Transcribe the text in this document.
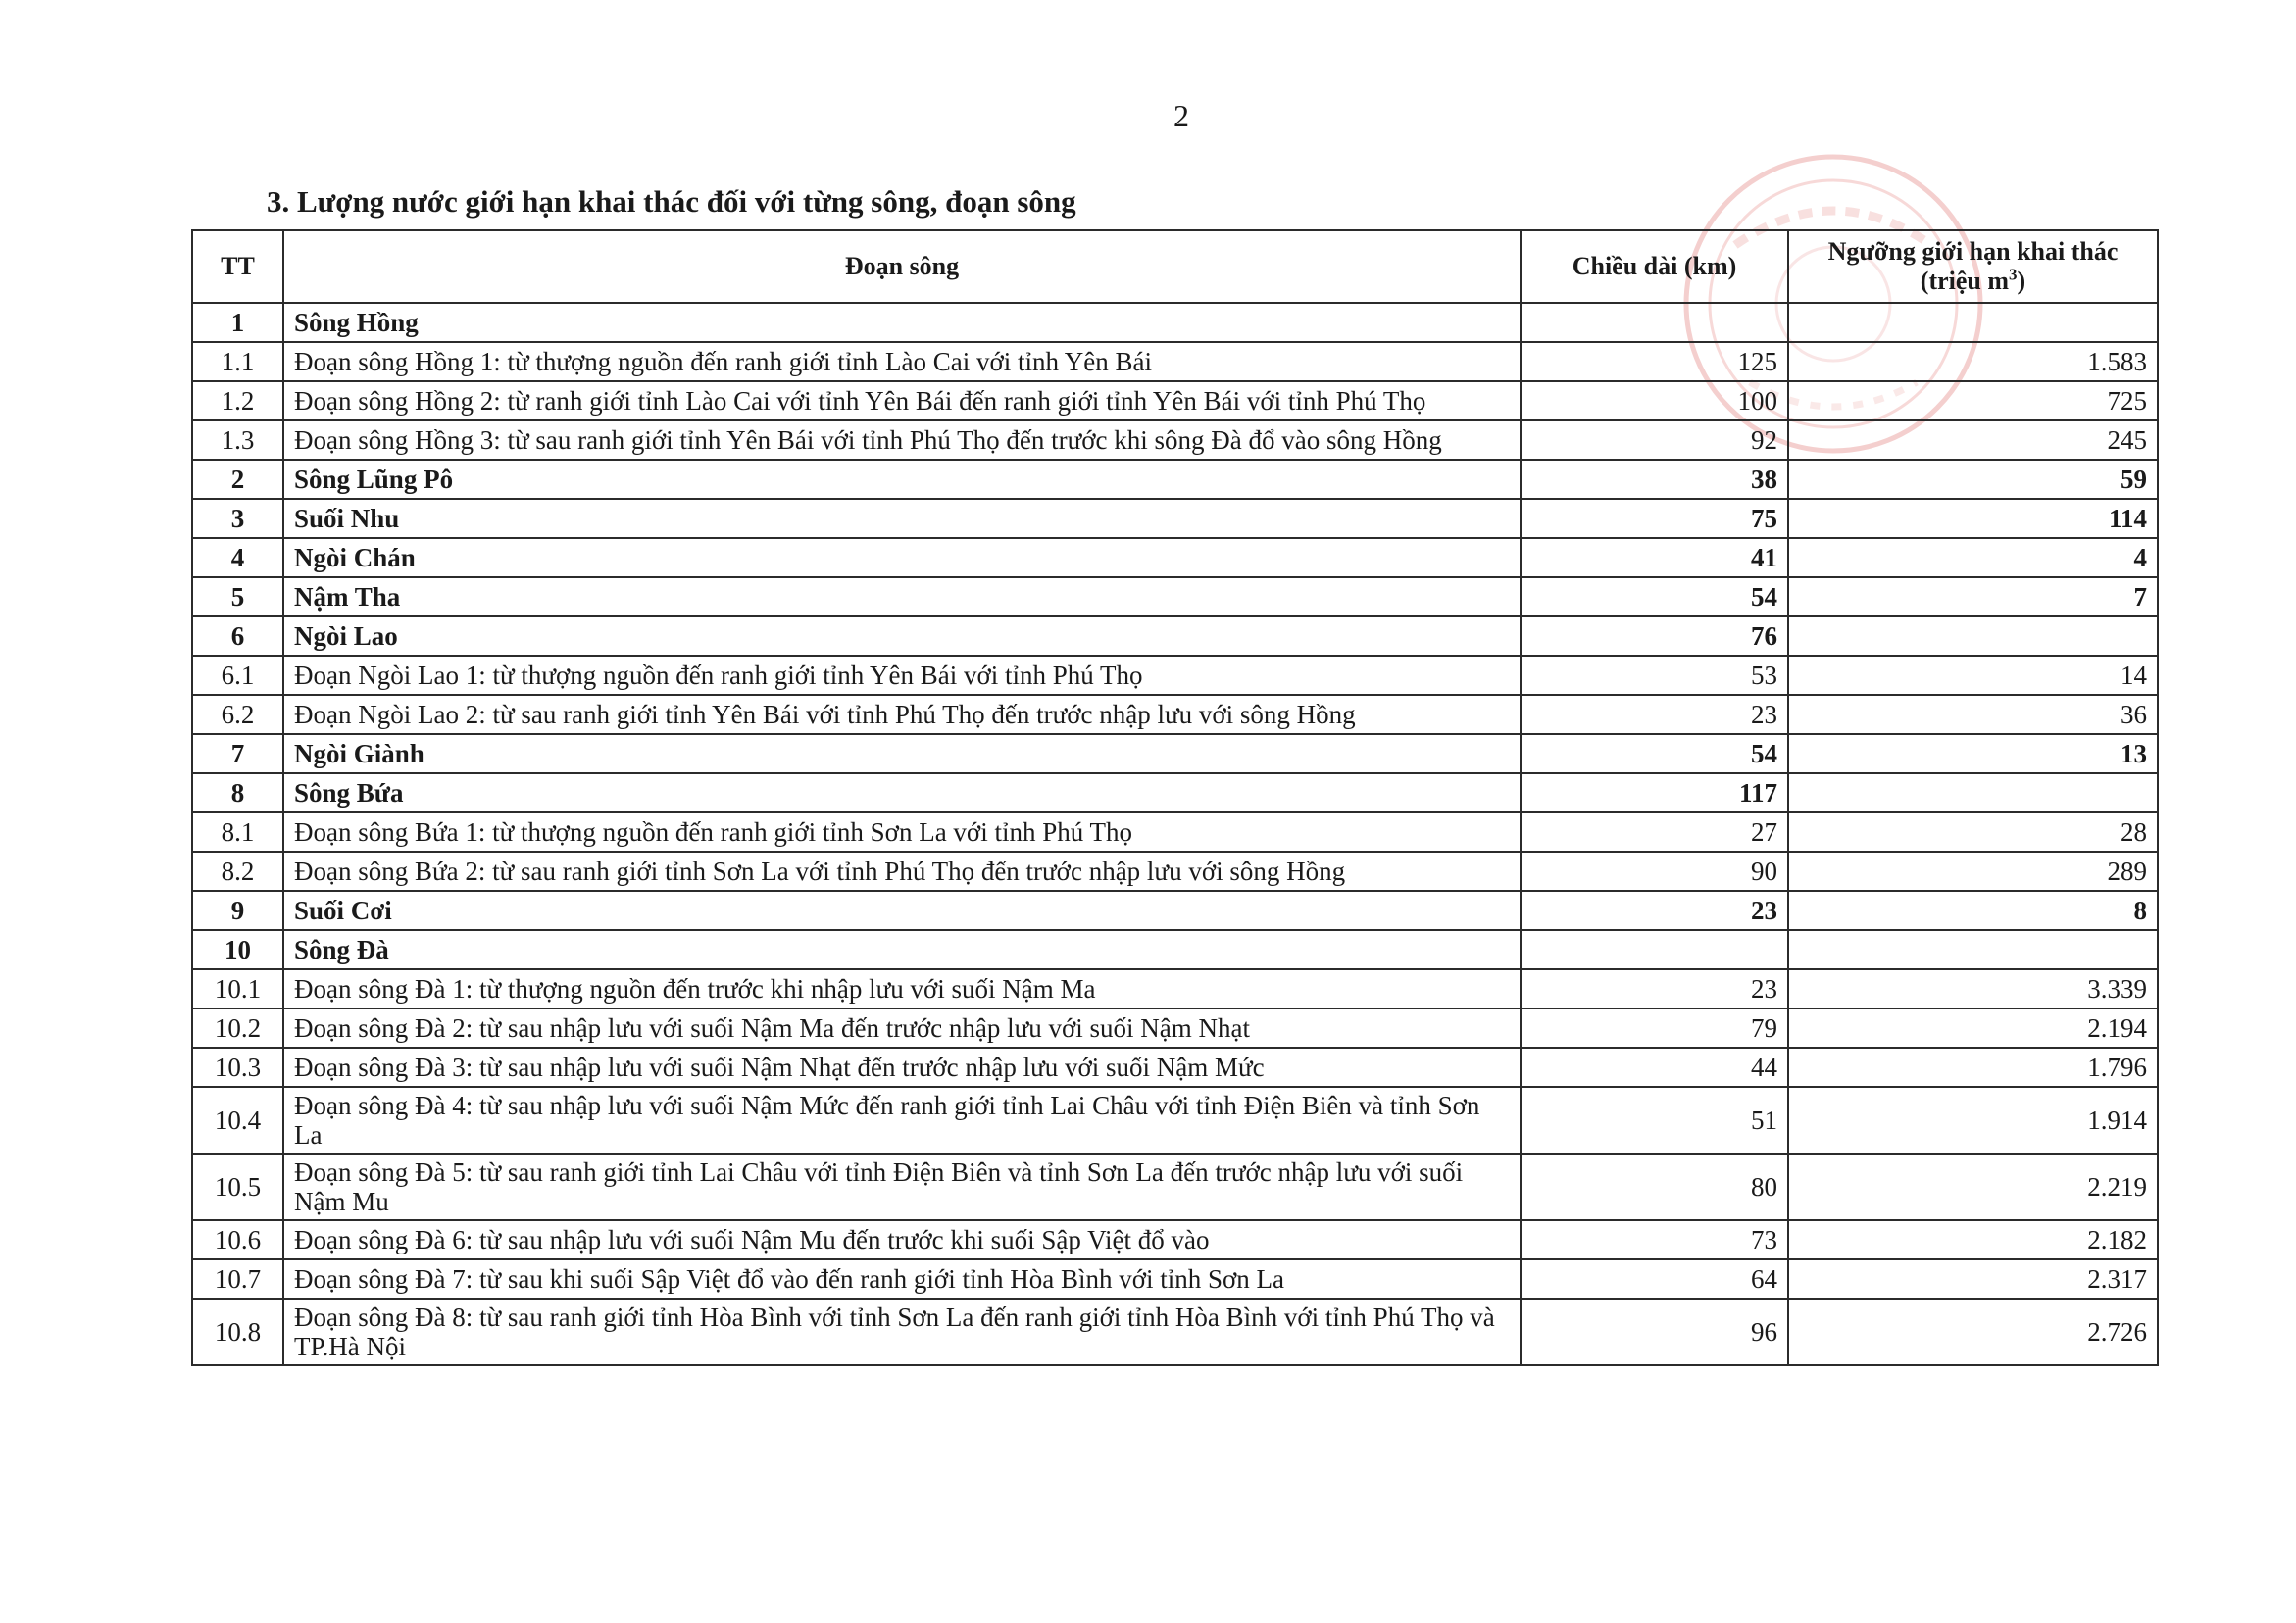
2
3. Lượng nước giới hạn khai thác đối với từng sông, đoạn sông
TT	Đoạn sông	Chiều dài (km)	Ngưỡng giới hạn khai thác
(triệu $m^3$)

1	Sông Hồng		
1.1	Đoạn sông Hồng 1: từ thượng nguồn đến ranh giới tỉnh Lào Cai với tỉnh Yên Bái	125	1.583
1.2	Đoạn sông Hồng 2: từ ranh giới tỉnh Lào Cai với tỉnh Yên Bái đến ranh giới tỉnh Yên Bái với tỉnh Phú Thọ	100	725
1.3	Đoạn sông Hồng 3: từ sau ranh giới tỉnh Yên Bái với tỉnh Phú Thọ đến trước khi sông Đà đổ vào sông Hồng	92	245
2	Sông Lũng Pô	38	59
3	Suối Nhu	75	114
4	Ngòi Chán	41	4
5	Nậm Tha	54	7
6	Ngòi Lao	76	
6.1	Đoạn Ngòi Lao 1: từ thượng nguồn đến ranh giới tỉnh Yên Bái với tỉnh Phú Thọ	53	14
6.2	Đoạn Ngòi Lao 2: từ sau ranh giới tỉnh Yên Bái với tỉnh Phú Thọ đến trước nhập lưu với sông Hồng	23	36
7	Ngòi Giành	54	13
8	Sông Bứa	117	
8.1	Đoạn sông Bứa 1: từ thượng nguồn đến ranh giới tỉnh Sơn La với tỉnh Phú Thọ	27	28
8.2	Đoạn sông Bứa 2: từ sau ranh giới tỉnh Sơn La với tỉnh Phú Thọ đến trước nhập lưu với sông Hồng	90	289
9	Suối Cơi	23	8
10	Sông Đà		
10.1	Đoạn sông Đà 1: từ thượng nguồn đến trước khi nhập lưu với suối Nậm Ma	23	3.339
10.2	Đoạn sông Đà 2: từ sau nhập lưu với suối Nậm Ma đến trước nhập lưu với suối Nậm Nhạt	79	2.194
10.3	Đoạn sông Đà 3: từ sau nhập lưu với suối Nậm Nhạt đến trước nhập lưu với suối Nậm Mức	44	1.796
10.4	Đoạn sông Đà 4: từ sau nhập lưu với suối Nậm Mức đến ranh giới tỉnh Lai Châu với tỉnh Điện Biên và tỉnh Sơn La	51	1.914
10.5	Đoạn sông Đà 5: từ sau ranh giới tỉnh Lai Châu với tỉnh Điện Biên và tỉnh Sơn La đến trước nhập lưu với suối Nậm Mu	80	2.219
10.6	Đoạn sông Đà 6: từ sau nhập lưu với suối Nậm Mu đến trước khi suối Sập Việt đổ vào	73	2.182
10.7	Đoạn sông Đà 7: từ sau khi suối Sập Việt đổ vào đến ranh giới tỉnh Hòa Bình với tỉnh Sơn La	64	2.317
10.8	Đoạn sông Đà 8: từ sau ranh giới tỉnh Hòa Bình với tỉnh Sơn La đến ranh giới tỉnh Hòa Bình với tỉnh Phú Thọ và TP.Hà Nội	96	2.726
